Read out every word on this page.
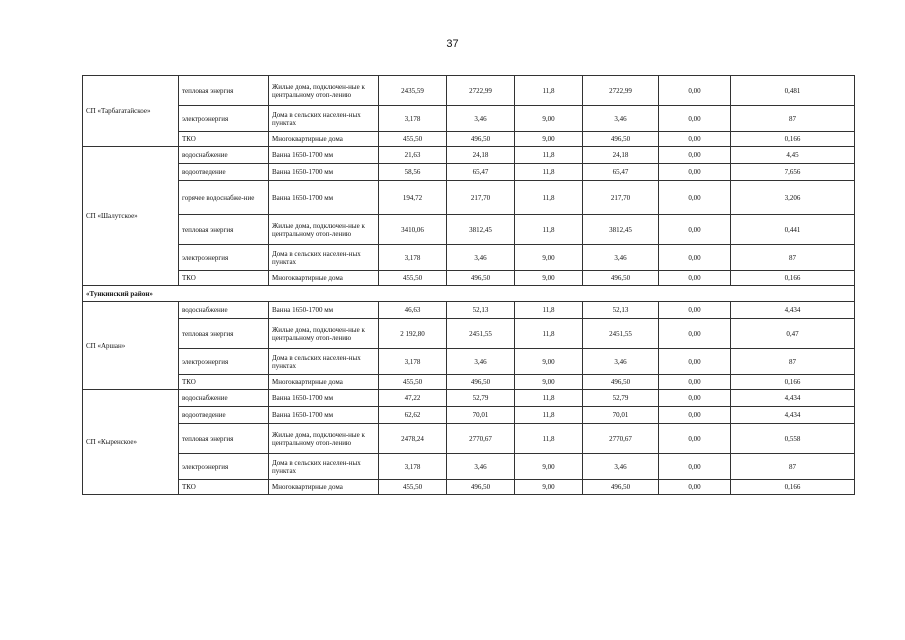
37
СП «Тарбагатайское»	тепловая энергия	Жилые дома, подключен-ные к центральному отоп-лению	2435,59	2722,99	11,8	2722,99	0,00	0,481
	электроэнергия	Дома в сельских населен-ных пунктах	3,178	3,46	9,00	3,46	0,00	87
	ТКО	Многоквартирные дома	455,50	496,50	9,00	496,50	0,00	0,166
СП «Шалутское»	водоснабжение	Ванна 1650-1700 мм	21,63	24,18	11,8	24,18	0,00	4,45
	водоотведение	Ванна 1650-1700 мм	58,56	65,47	11,8	65,47	0,00	7,656
	горячее водоснабже-ние	Ванна 1650-1700 мм	194,72	217,70	11,8	217,70	0,00	3,206
	тепловая энергия	Жилые дома, подключен-ные к центральному отоп-лению	3410,06	3812,45	11,8	3812,45	0,00	0,441
	электроэнергия	Дома в сельских населен-ных пунктах	3,178	3,46	9,00	3,46	0,00	87
	ТКО	Многоквартирные дома	455,50	496,50	9,00	496,50	0,00	0,166
«Тункинский район»								
СП «Аршан»	водоснабжение	Ванна 1650-1700 мм	46,63	52,13	11,8	52,13	0,00	4,434
	тепловая энергия	Жилые дома, подключен-ные к центральному отоп-лению	2 192,80	2451,55	11,8	2451,55	0,00	0,47
	электроэнергия	Дома в сельских населен-ных пунктах	3,178	3,46	9,00	3,46	0,00	87
	ТКО	Многоквартирные дома	455,50	496,50	9,00	496,50	0,00	0,166
СП «Кыренское»	водоснабжение	Ванна 1650-1700 мм	47,22	52,79	11,8	52,79	0,00	4,434
	водоотведение	Ванна 1650-1700 мм	62,62	70,01	11,8	70,01	0,00	4,434
	тепловая энергия	Жилые дома, подключен-ные к центральному отоп-лению	2478,24	2770,67	11,8	2770,67	0,00	0,558
	электроэнергия	Дома в сельских населен-ных пунктах	3,178	3,46	9,00	3,46	0,00	87
	ТКО	Многоквартирные дома	455,50	496,50	9,00	496,50	0,00	0,166
